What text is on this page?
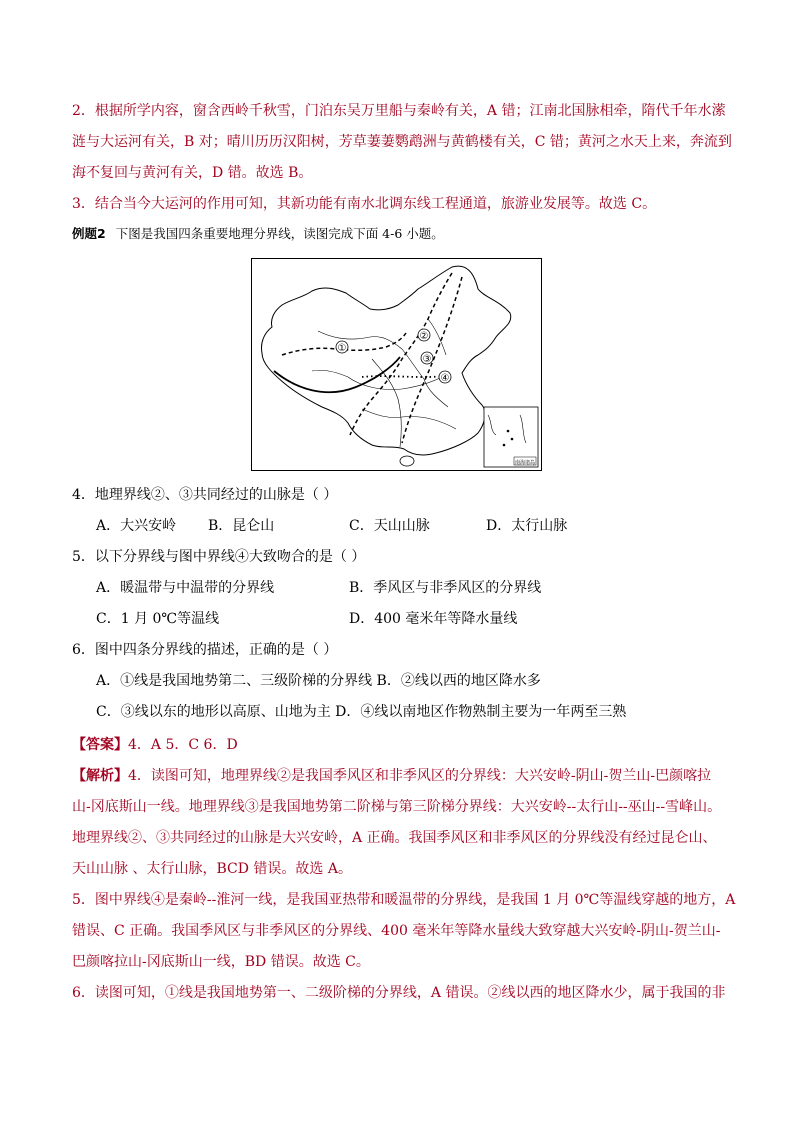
2．根据所学内容，窗含西岭千秋雪，门泊东吴万里船与秦岭有关，A 错；江南北国脉相牵，隋代千年水潆
涟与大运河有关，B 对；晴川历历汉阳树，芳草萋萋鹦鹉洲与黄鹤楼有关，C 错；黄河之水天上来，奔流到
海不复回与黄河有关，D 错。故选 B。
3．结合当今大运河的作用可知，其新功能有南水北调东线工程通道，旅游业发展等。故选 C。
例题2 下图是我国四条重要地理分界线，读图完成下面 4-6 小题。
①
②
③
④
南海诸岛
4．地理界线②、③共同经过的山脉是（ ）
A．大兴安岭 B．昆仑山	C．天山山脉	D．太行山脉
5．以下分界线与图中界线④大致吻合的是（ ）
A．暖温带与中温带的分界线	B．季风区与非季风区的分界线
C．1 月 0℃等温线	D．400 毫米年等降水量线
6．图中四条分界线的描述，正确的是（ ）
A．①线是我国地势第二、三级阶梯的分界线 B．②线以西的地区降水多
C．③线以东的地形以高原、山地为主 D．④线以南地区作物熟制主要为一年两至三熟
【答案】4．A 5．C 6．D
【解析】4．读图可知，地理界线②是我国季风区和非季风区的分界线：大兴安岭-阴山-贺兰山-巴颜喀拉
山-冈底斯山一线。地理界线③是我国地势第二阶梯与第三阶梯分界线：大兴安岭--太行山--巫山--雪峰山。
地理界线②、③共同经过的山脉是大兴安岭，A 正确。我国季风区和非季风区的分界线没有经过昆仑山、
天山山脉 、太行山脉，BCD 错误。故选 A。
5．图中界线④是秦岭--淮河一线，是我国亚热带和暖温带的分界线，是我国 1 月 0℃等温线穿越的地方，A
错误、C 正确。我国季风区与非季风区的分界线、400 毫米年等降水量线大致穿越大兴安岭-阴山-贺兰山-
巴颜喀拉山-冈底斯山一线，BD 错误。故选 C。
6．读图可知，①线是我国地势第一、二级阶梯的分界线，A 错误。②线以西的地区降水少，属于我国的非
